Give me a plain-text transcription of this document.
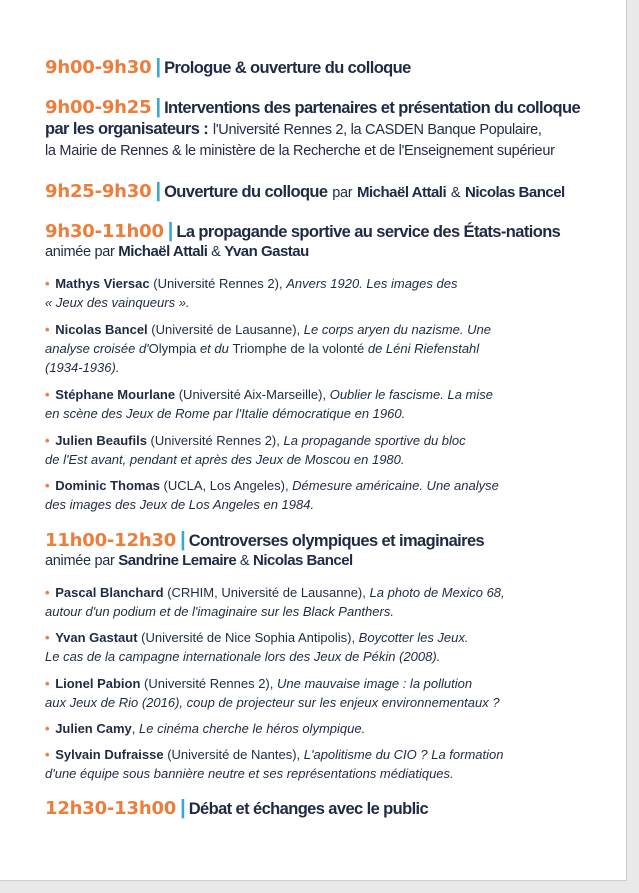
9h00-9h30 | Prologue & ouverture du colloque
9h00-9h25 | Interventions des partenaires et présentation du colloque
par les organisateurs : l'Université Rennes 2, la CASDEN Banque Populaire,
la Mairie de Rennes & le ministère de la Recherche et de l'Enseignement supérieur
9h25-9h30 | Ouverture du colloque par Michaël Attali & Nicolas Bancel
9h30-11h00 | La propagande sportive au service des États-nations
animée par Michaël Attali & Yvan Gastau
• Mathys Viersac (Université Rennes 2), Anvers 1920. Les images des
« Jeux des vainqueurs ».
• Nicolas Bancel (Université de Lausanne), Le corps aryen du nazisme. Une
analyse croisée d'Olympia et du Triomphe de la volonté de Léni Riefenstahl
(1934-1936).
• Stéphane Mourlane (Université Aix-Marseille), Oublier le fascisme. La mise
en scène des Jeux de Rome par l'Italie démocratique en 1960.
• Julien Beaufils (Université Rennes 2), La propagande sportive du bloc
de l'Est avant, pendant et après des Jeux de Moscou en 1980.
• Dominic Thomas (UCLA, Los Angeles), Démesure américaine. Une analyse
des images des Jeux de Los Angeles en 1984.
11h00-12h30 | Controverses olympiques et imaginaires
animée par Sandrine Lemaire & Nicolas Bancel
• Pascal Blanchard (CRHIM, Université de Lausanne), La photo de Mexico 68,
autour d'un podium et de l'imaginaire sur les Black Panthers.
• Yvan Gastaut (Université de Nice Sophia Antipolis), Boycotter les Jeux.
Le cas de la campagne internationale lors des Jeux de Pékin (2008).
• Lionel Pabion (Université Rennes 2), Une mauvaise image : la pollution
aux Jeux de Rio (2016), coup de projecteur sur les enjeux environnementaux ?
• Julien Camy, Le cinéma cherche le héros olympique.
• Sylvain Dufraisse (Université de Nantes), L'apolitisme du CIO ? La formation
d'une équipe sous bannière neutre et ses représentations médiatiques.
12h30-13h00 | Débat et échanges avec le public
